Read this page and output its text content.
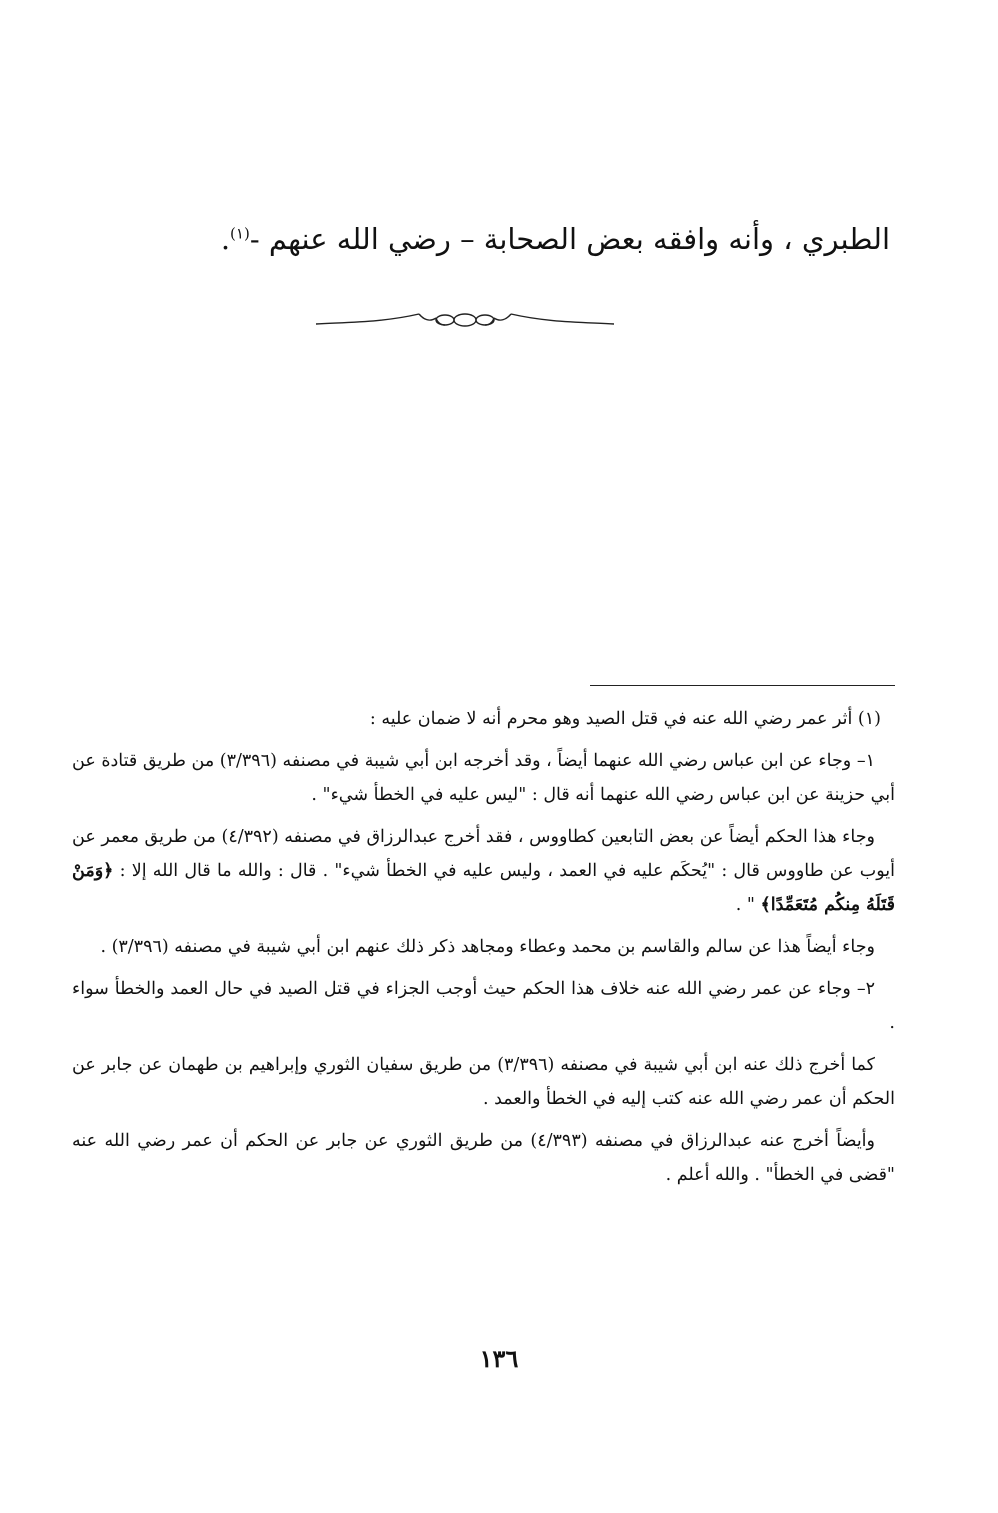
الطبري ، وأنه وافقه بعض الصحابة – رضي الله عنهم -$^{(١)}$.

(١) أثر عمر رضي الله عنه في قتل الصيد وهو محرم أنه لا ضمان عليه :

١– وجاء عن ابن عباس رضي الله عنهما أيضاً ، وقد أخرجه ابن أبي شيبة في مصنفه (٣/٣٩٦) من طريق قتادة عن أبي حزينة عن ابن عباس رضي الله عنهما أنه قال : "ليس عليه في الخطأ شيء" .

وجاء هذا الحكم أيضاً عن بعض التابعين كطاووس ، فقد أخرج عبدالرزاق في مصنفه (٤/٣٩٢) من طريق معمر عن أيوب عن طاووس قال : "يُحكَم عليه في العمد ، وليس عليه في الخطأ شيء" . قال : والله ما قال الله إلا : ﴿وَمَنْ قَتَلَهُ مِنكُم مُتَعَمِّدًا﴾ " .

وجاء أيضاً هذا عن سالم والقاسم بن محمد وعطاء ومجاهد ذكر ذلك عنهم ابن أبي شيبة في مصنفه (٣/٣٩٦) .

٢– وجاء عن عمر رضي الله عنه خلاف هذا الحكم حيث أوجب الجزاء في قتل الصيد في حال العمد والخطأ سواء .

كما أخرج ذلك عنه ابن أبي شيبة في مصنفه (٣/٣٩٦) من طريق سفيان الثوري وإبراهيم بن طهمان عن جابر عن الحكم أن عمر رضي الله عنه كتب إليه في الخطأ والعمد .

وأيضاً أخرج عنه عبدالرزاق في مصنفه (٤/٣٩٣) من طريق الثوري عن جابر عن الحكم أن عمر رضي الله عنه "قضى في الخطأ" . والله أعلم .

١٣٦
